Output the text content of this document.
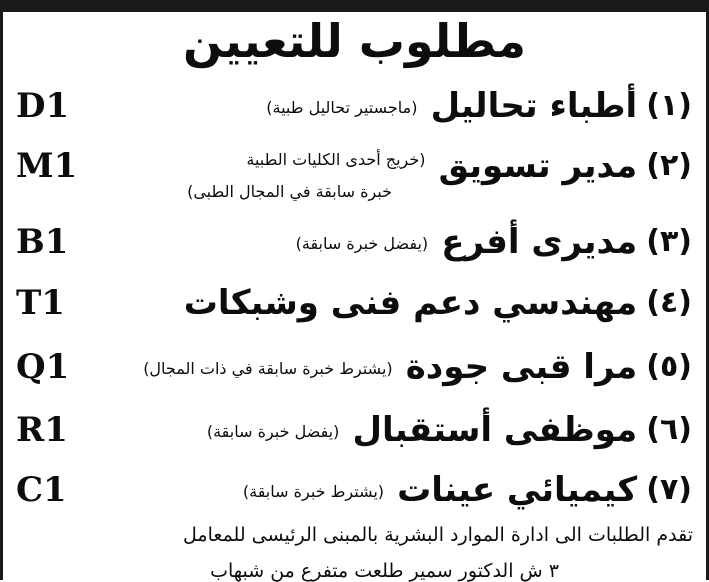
مطلوب للتعيين
D1	(١) أطباء تحاليل (ماجستير تحاليل طبية)
M1	(٢) مدير تسويق (خريج أحدى الكليات الطبية
خبرة سابقة في المجال الطبى)
B1	(٣) مديرى أفرع (يفضل خبرة سابقة)
T1	(٤) مهندسي دعم فنى وشبكات
Q1	(٥) مرا قبى جودة (يشترط خبرة سابقة في ذات المجال)
R1	(٦) موظفى أستقبال (يفضل خبرة سابقة)
C1	(٧) كيميائي عينات (يشترط خبرة سابقة)
تقدم الطلبات الى ادارة الموارد البشرية بالمبنى الرئيسى للمعامل
٣ ش الدكتور سمير طلعت متفرع من شبهاب
